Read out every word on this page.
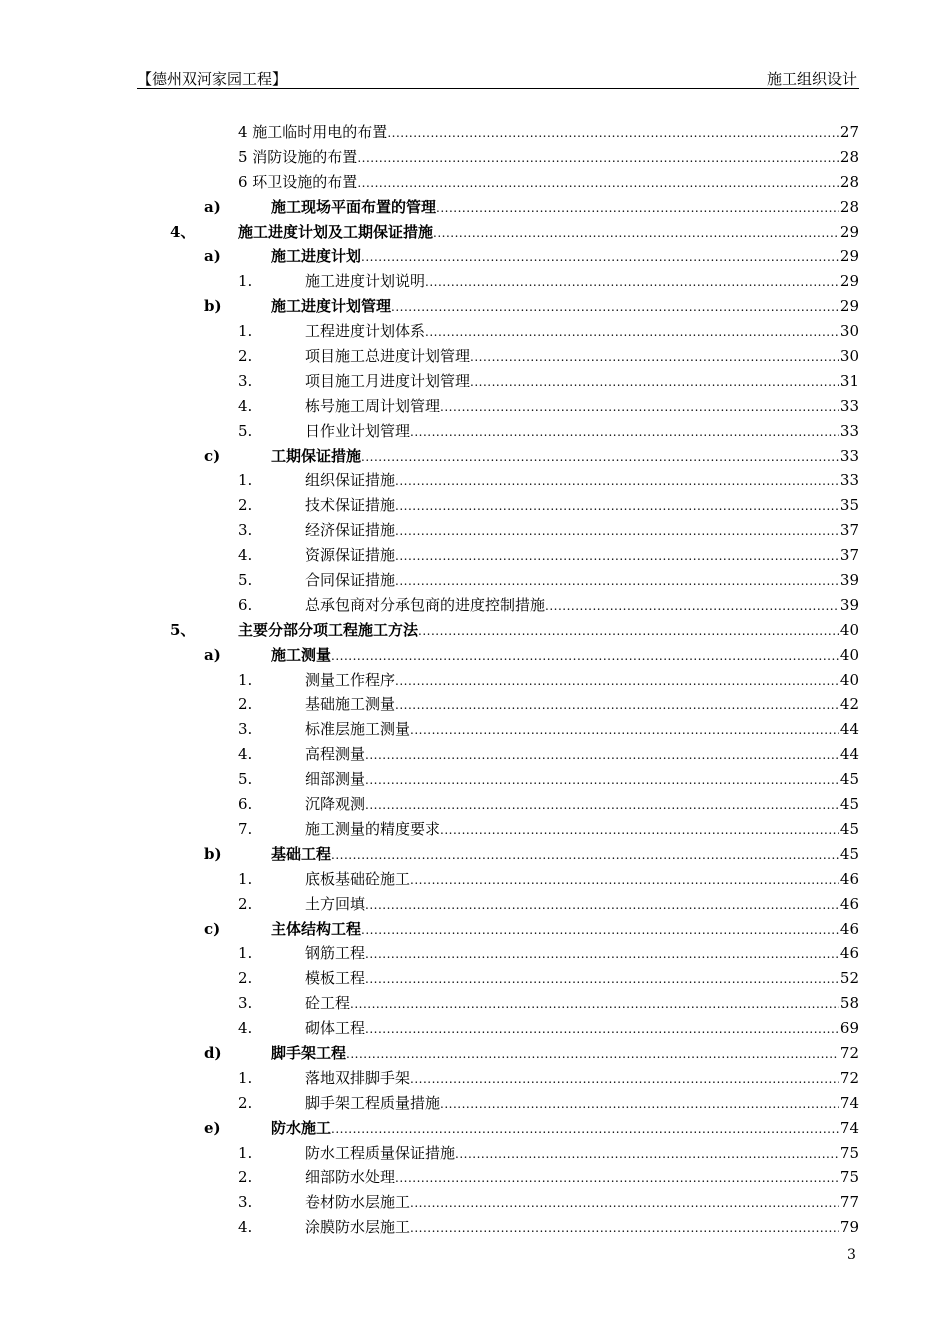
【德州双河家园工程】	施工组织设计
4 施工临时用电的布置 .....	27
5 消防设施的布置 .....	28
6 环卫设施的布置 .....	28
a)	施工现场平面布置的管理 .....	28
4、	施工进度计划及工期保证措施 .....	29
a)	施工进度计划 .....	29
1.	施工进度计划说明 .....	29
b)	施工进度计划管理 .....	29
1.	工程进度计划体系 .....	30
2.	项目施工总进度计划管理 .....	30
3.	项目施工月进度计划管理 .....	31
4.	栋号施工周计划管理 .....	33
5.	日作业计划管理 .....	33
c)	工期保证措施 .....	33
1.	组织保证措施 .....	33
2.	技术保证措施 .....	35
3.	经济保证措施 .....	37
4.	资源保证措施 .....	37
5.	合同保证措施 .....	39
6.	总承包商对分承包商的进度控制措施 .....	39
5、	主要分部分项工程施工方法 .....	40
a)	施工测量 .....	40
1.	测量工作程序 .....	40
2.	基础施工测量 .....	42
3.	标准层施工测量 .....	44
4.	高程测量 .....	44
5.	细部测量 .....	45
6.	沉降观测 .....	45
7.	施工测量的精度要求 .....	45
b)	基础工程 .....	45
1.	底板基础砼施工 .....	46
2.	土方回填 .....	46
c)	主体结构工程 .....	46
1.	钢筋工程 .....	46
2.	模板工程 .....	52
3.	砼工程 .....	58
4.	砌体工程 .....	69
d)	脚手架工程 .....	72
1.	落地双排脚手架 .....	72
2.	脚手架工程质量措施 .....	74
e)	防水施工 .....	74
1.	防水工程质量保证措施 .....	75
2.	细部防水处理 .....	75
3.	卷材防水层施工 .....	77
4.	涂膜防水层施工 .....	79
3
